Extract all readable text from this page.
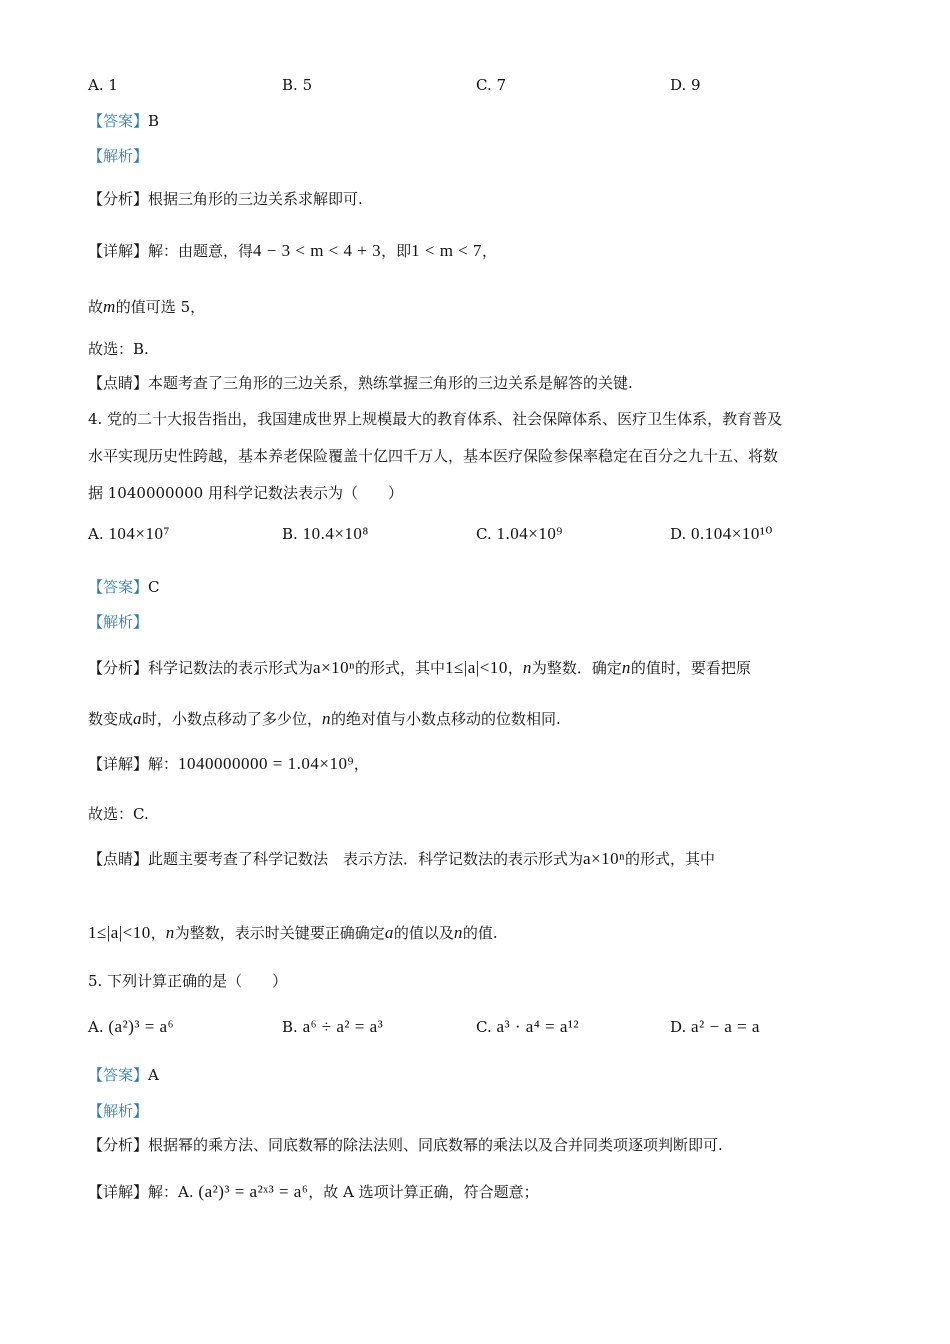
A. 1	B. 5	C. 7	D. 9
【答案】B
【解析】
【分析】根据三角形的三边关系求解即可.
【详解】解：由题意，得4 − 3 < m < 4 + 3，即1 < m < 7，
故m的值可选 5，
故选：B.
【点睛】本题考查了三角形的三边关系，熟练掌握三角形的三边关系是解答的关键.
4. 党的二十大报告指出，我国建成世界上规模最大的教育体系、社会保障体系、医疗卫生体系，教育普及
水平实现历史性跨越，基本养老保险覆盖十亿四千万人，基本医疗保险参保率稳定在百分之九十五、将数
据 1040000000 用科学记数法表示为（　　）
A. 104×10⁷	B. 10.4×10⁸	C. 1.04×10⁹	D. 0.104×10¹⁰
【答案】C
【解析】
【分析】科学记数法的表示形式为a×10ⁿ的形式，其中1≤|a|<10，n为整数．确定n的值时，要看把原
数变成a时，小数点移动了多少位，n的绝对值与小数点移动的位数相同.
【详解】解：1040000000 = 1.04×10⁹，
故选：C.
【点睛】此题主要考查了科学记数法　表示方法．科学记数法的表示形式为a×10ⁿ的形式，其中
1≤|a|<10，n为整数，表示时关键要正确确定a的值以及n的值.
5. 下列计算正确的是（　　）
A. (a²)³ = a⁶	B. a⁶ ÷ a² = a³	C. a³ · a⁴ = a¹²	D. a² − a = a
【答案】A
【解析】
【分析】根据幂的乘方法、同底数幂的除法法则、同底数幂的乘法以及合并同类项逐项判断即可.
【详解】解：A. (a²)³ = a²ˣ³ = a⁶，故 A 选项计算正确，符合题意；
